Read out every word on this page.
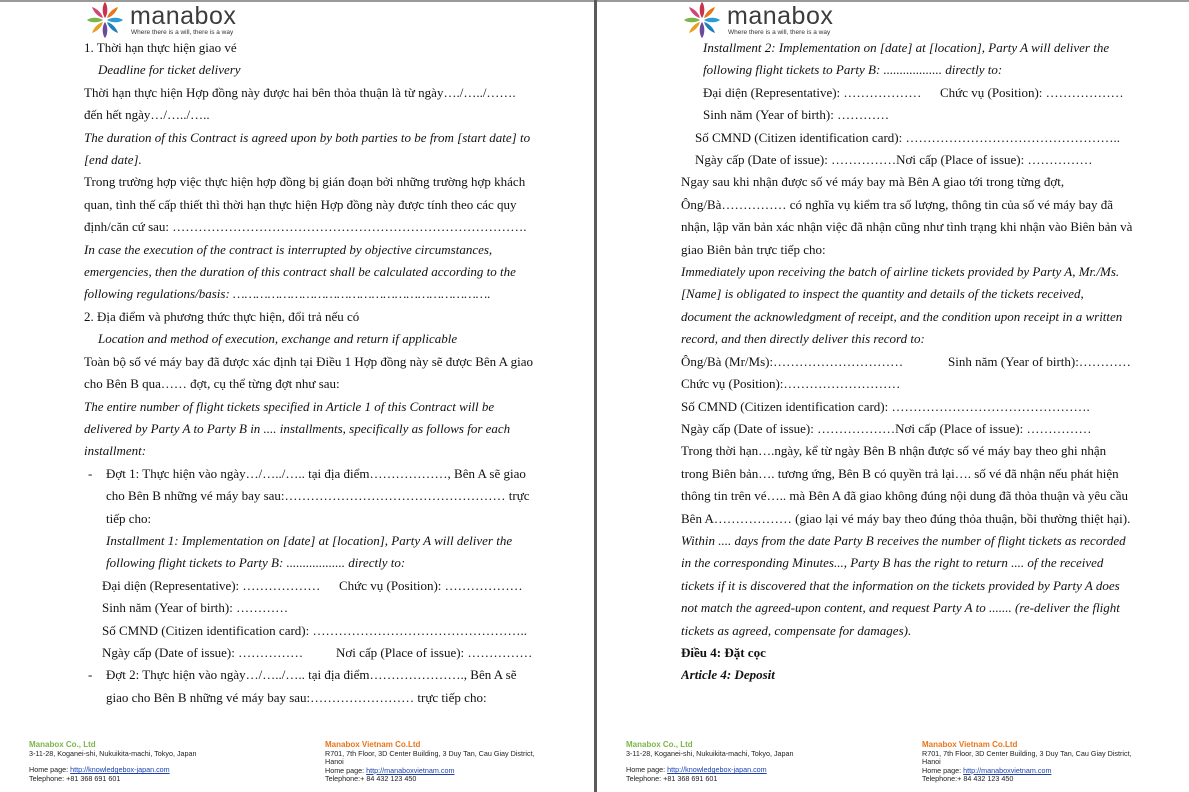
manabox
Where there is a will, there is a way
1. Thời hạn thực hiện giao vé
Deadline for ticket delivery
Thời hạn thực hiện Hợp đồng này được hai bên thỏa thuận là từ ngày…./…../…….
đến hết ngày…/…../…..
The duration of this Contract is agreed upon by both parties to be from [start date] to
[end date].
Trong trường hợp việc thực hiện hợp đồng bị gián đoạn bởi những trường hợp khách
quan, tình thế cấp thiết thì thời hạn thực hiện Hợp đồng này được tính theo các quy
định/căn cứ sau: ……………………………………………………………………….
In case the execution of the contract is interrupted by objective circumstances,
emergencies, then the duration of this contract shall be calculated according to the
following regulations/basis: ………………………………………………………….
2. Địa điểm và phương thức thực hiện, đổi trả nếu có
Location and method of execution, exchange and return if applicable
Toàn bộ số vé máy bay đã được xác định tại Điều 1 Hợp đồng này sẽ được Bên A giao
cho Bên B qua…… đợt, cụ thể từng đợt như sau:
The entire number of flight tickets specified in Article 1 of this Contract will be
delivered by Party A to Party B in .... installments, specifically as follows for each
installment:
- Đợt 1: Thực hiện vào ngày…/…../….. tại địa điểm………………, Bên A sẽ giao
cho Bên B những vé máy bay sau:…………………………………………… trực
tiếp cho:
Installment 1: Implementation on [date] at [location], Party A will deliver the
following flight tickets to Party B: .................. directly to:
Đại diện (Representative): ……………… Chức vụ (Position): ………………
Sinh năm (Year of birth): …………
Số CMND (Citizen identification card): …………………………………………..
Ngày cấp (Date of issue): ……………	Nơi cấp (Place of issue): ……………
- Đợt 2: Thực hiện vào ngày…/…../….. tại địa điểm…………………., Bên A sẽ
giao cho Bên B những vé máy bay sau:…………………… trực tiếp cho:
Manabox Co., Ltd
3-11-28, Koganei-shi, Nukuikita-machi, Tokyo, Japan
Home page: http://knowledgebox-japan.com
Telephone: +81 368 691 601
Manabox Vietnam Co.Ltd
R701, 7th Floor, 3D Center Building, 3 Duy Tan, Cau Giay District,
Hanoi
Home page: http://manaboxvietnam.com
Telephone:+ 84 432 123 450
manabox
Where there is a will, there is a way
Installment 2: Implementation on [date] at [location], Party A will deliver the
following flight tickets to Party B: .................. directly to:
Đại diện (Representative): ……………… Chức vụ (Position): ………………
Sinh năm (Year of birth): …………
Số CMND (Citizen identification card): …………………………………………..
Ngày cấp (Date of issue): ……………Nơi cấp (Place of issue): ……………
Ngay sau khi nhận được số vé máy bay mà Bên A giao tới trong từng đợt,
Ông/Bà…………… có nghĩa vụ kiểm tra số lượng, thông tin của số vé máy bay đã
nhận, lập văn bản xác nhận việc đã nhận cũng như tình trạng khi nhận vào Biên bản và
giao Biên bản trực tiếp cho:
Immediately upon receiving the batch of airline tickets provided by Party A, Mr./Ms.
[Name] is obligated to inspect the quantity and details of the tickets received,
document the acknowledgment of receipt, and the condition upon receipt in a written
record, and then directly deliver this record to:
Ông/Bà (Mr/Ms):…………………………	Sinh năm (Year of birth):…………
Chức vụ (Position):………………………
Số CMND (Citizen identification card): ……………………………………….
Ngày cấp (Date of issue): ………………Nơi cấp (Place of issue): ……………
Trong thời hạn….ngày, kể từ ngày Bên B nhận được số vé máy bay theo ghi nhận
trong Biên bản…. tương ứng, Bên B có quyền trả lại…. số vé đã nhận nếu phát hiện
thông tin trên vé….. mà Bên A đã giao không đúng nội dung đã thỏa thuận và yêu cầu
Bên A……………… (giao lại vé máy bay theo đúng thỏa thuận, bồi thường thiệt hại).
Within .... days from the date Party B receives the number of flight tickets as recorded
in the corresponding Minutes..., Party B has the right to return .... of the received
tickets if it is discovered that the information on the tickets provided by Party A does
not match the agreed-upon content, and request Party A to ....... (re-deliver the flight
tickets as agreed, compensate for damages).
Điều 4: Đặt cọc
Article 4: Deposit
Manabox Co., Ltd
3-11-28, Koganei-shi, Nukuikita-machi, Tokyo, Japan
Home page: http://knowledgebox-japan.com
Telephone: +81 368 691 601
Manabox Vietnam Co.Ltd
R701, 7th Floor, 3D Center Building, 3 Duy Tan, Cau Giay District,
Hanoi
Home page: http://manaboxvietnam.com
Telephone:+ 84 432 123 450
